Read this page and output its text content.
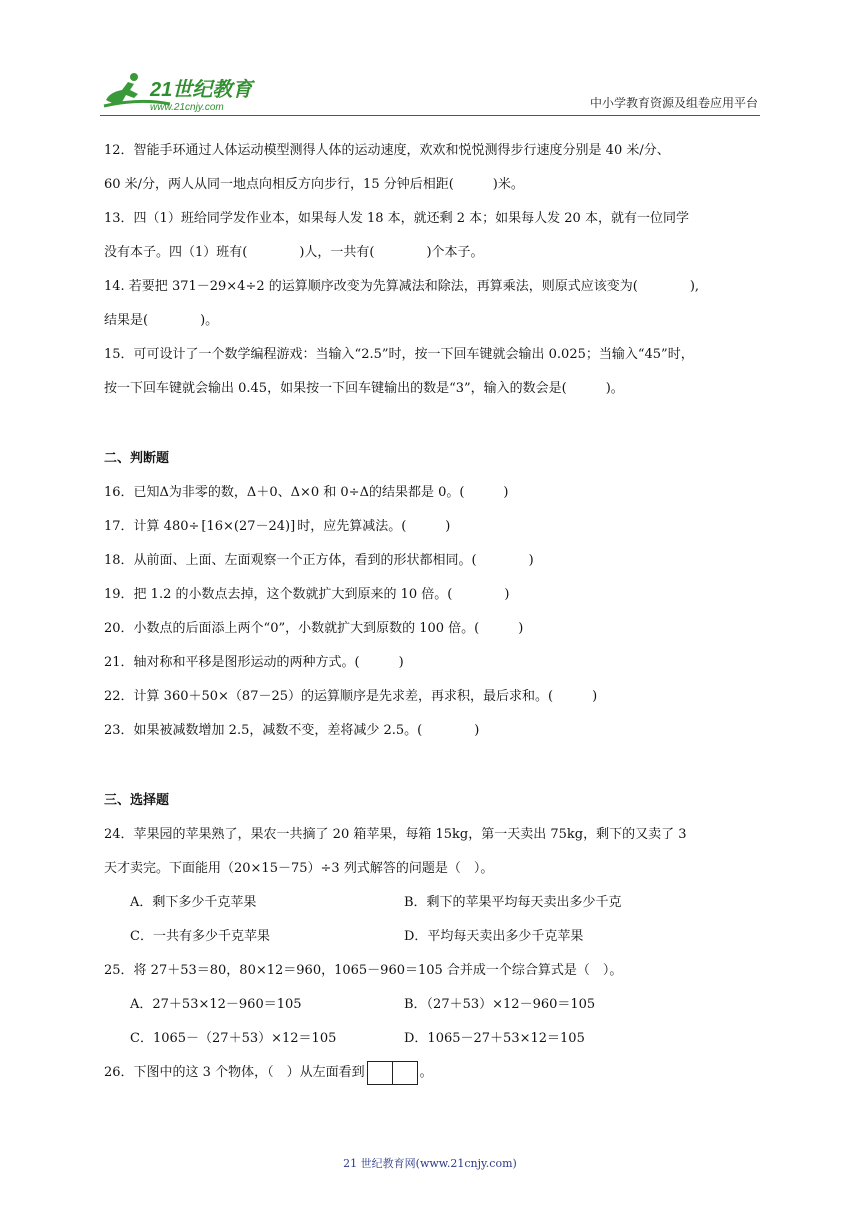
21世纪教育
www.21cnjy.com	中小学教育资源及组卷应用平台
12．智能手环通过人体运动模型测得人体的运动速度，欢欢和悦悦测得步行速度分别是 40 米/分、
60 米/分，两人从同一地点向相反方向步行，15 分钟后相距(　　　)米。
13．四（1）班给同学发作业本，如果每人发 18 本，就还剩 2 本；如果每人发 20 本，就有一位同学
没有本子。四（1）班有(　　　　)人，一共有(　　　　)个本子。
14. 若要把 371－29×4÷2 的运算顺序改变为先算减法和除法，再算乘法，则原式应该变为(　　　　),
结果是(　　　　)。
15．可可设计了一个数学编程游戏：当输入“2.5”时，按一下回车键就会输出 0.025；当输入“45”时，
按一下回车键就会输出 0.45，如果按一下回车键输出的数是“3”，输入的数会是(　　　)。
二、判断题
16．已知Δ为非零的数，Δ＋0、Δ×0 和 0÷Δ的结果都是 0。(　　　)
17．计算 480÷ [16×(27－24)] 时，应先算减法。(　　　)
18．从前面、上面、左面观察一个正方体，看到的形状都相同。(　　　　)
19．把 1.2 的小数点去掉，这个数就扩大到原来的 10 倍。(　　　　)
20．小数点的后面添上两个“0”，小数就扩大到原数的 100 倍。(　　　)
21．轴对称和平移是图形运动的两种方式。(　　　)
22．计算 360＋50×（87－25）的运算顺序是先求差，再求积，最后求和。(　　　)
23．如果被减数增加 2.5，减数不变，差将减少 2.5。(　　　　)
三、选择题
24．苹果园的苹果熟了，果农一共摘了 20 箱苹果，每箱 15kg，第一天卖出 75kg，剩下的又卖了 3
天才卖完。下面能用（20×15－75）÷3 列式解答的问题是（　）。
A．剩下多少千克苹果	B．剩下的苹果平均每天卖出多少千克
C．一共有多少千克苹果	D．平均每天卖出多少千克苹果
25．将 27＋53＝80，80×12＝960，1065－960＝105 合并成一个综合算式是（　）。
A．27＋53×12－960＝105	B．（27＋53）×12－960＝105
C．1065－（27＋53）×12＝105	D．1065－27＋53×12＝105
26．下图中的这 3 个物体，（　）从左面看到	。
21 世纪教育网(www.21cnjy.com)
